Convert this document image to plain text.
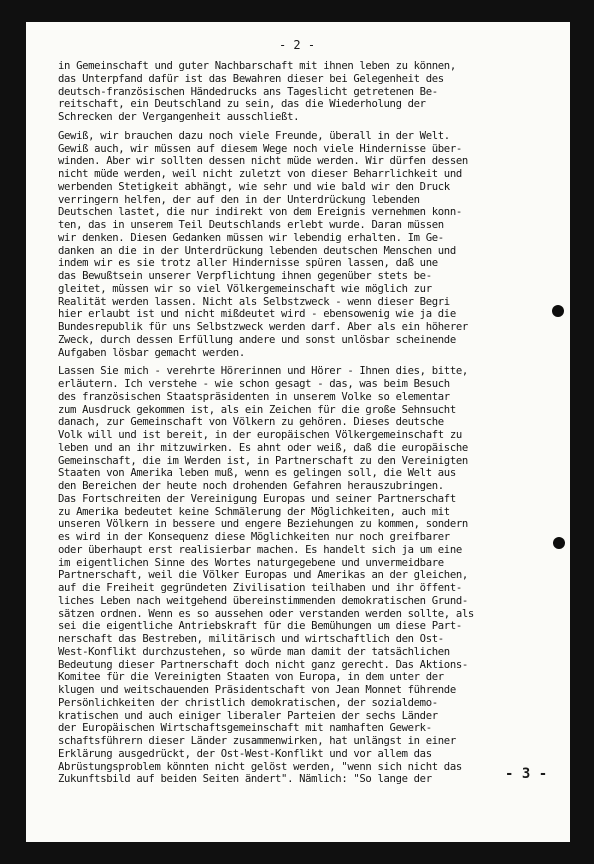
- 2 -
in Gemeinschaft und guter Nachbarschaft mit ihnen leben zu können,
das Unterpfand dafür ist das Bewahren dieser bei Gelegenheit des
deutsch-französischen Händedrucks ans Tageslicht getretenen Be-
reitschaft, ein Deutschland zu sein, das die Wiederholung der
Schrecken der Vergangenheit ausschließt.
Gewiß, wir brauchen dazu noch viele Freunde, überall in der Welt.
Gewiß auch, wir müssen auf diesem Wege noch viele Hindernisse über-
winden. Aber wir sollten dessen nicht müde werden. Wir dürfen dessen
nicht müde werden, weil nicht zuletzt von dieser Beharrlichkeit und
werbenden Stetigkeit abhängt, wie sehr und wie bald wir den Druck
verringern helfen, der auf den in der Unterdrückung lebenden
Deutschen lastet, die nur indirekt von dem Ereignis vernehmen konn-
ten, das in unserem Teil Deutschlands erlebt wurde. Daran müssen
wir denken. Diesen Gedanken müssen wir lebendig erhalten. Im Ge-
danken an die in der Unterdrückung lebenden deutschen Menschen und
indem wir es sie trotz aller Hindernisse spüren lassen, daß une
das Bewußtsein unserer Verpflichtung ihnen gegenüber stets be-
gleitet, müssen wir so viel Völkergemeinschaft wie möglich zur
Realität werden lassen. Nicht als Selbstzweck - wenn dieser Begri
hier erlaubt ist und nicht mißdeutet wird - ebensowenig wie ja die
Bundesrepublik für uns Selbstzweck werden darf. Aber als ein höherer
Zweck, durch dessen Erfüllung andere und sonst unlösbar scheinende
Aufgaben lösbar gemacht werden.
Lassen Sie mich - verehrte Hörerinnen und Hörer - Ihnen dies, bitte,
erläutern. Ich verstehe - wie schon gesagt - das, was beim Besuch
des französischen Staatspräsidenten in unserem Volke so elementar
zum Ausdruck gekommen ist, als ein Zeichen für die große Sehnsucht
danach, zur Gemeinschaft von Völkern zu gehören. Dieses deutsche
Volk will und ist bereit, in der europäischen Völkergemeinschaft zu
leben und an ihr mitzuwirken. Es ahnt oder weiß, daß die europäische
Gemeinschaft, die im Werden ist, in Partnerschaft zu den Vereinigten
Staaten von Amerika leben muß, wenn es gelingen soll, die Welt aus
den Bereichen der heute noch drohenden Gefahren herauszubringen.
Das Fortschreiten der Vereinigung Europas und seiner Partnerschaft
zu Amerika bedeutet keine Schmälerung der Möglichkeiten, auch mit
unseren Völkern in bessere und engere Beziehungen zu kommen, sondern
es wird in der Konsequenz diese Möglichkeiten nur noch greifbarer
oder überhaupt erst realisierbar machen. Es handelt sich ja um eine
im eigentlichen Sinne des Wortes naturgegebene und unvermeidbare
Partnerschaft, weil die Völker Europas und Amerikas an der gleichen,
auf die Freiheit gegründeten Zivilisation teilhaben und ihr öffent-
liches Leben nach weitgehend übereinstimmenden demokratischen Grund-
sätzen ordnen. Wenn es so aussehen oder verstanden werden sollte, als
sei die eigentliche Antriebskraft für die Bemühungen um diese Part-
nerschaft das Bestreben, militärisch und wirtschaftlich den Ost-
West-Konflikt durchzustehen, so würde man damit der tatsächlichen
Bedeutung dieser Partnerschaft doch nicht ganz gerecht. Das Aktions-
Komitee für die Vereinigten Staaten von Europa, in dem unter der
klugen und weitschauenden Präsidentschaft von Jean Monnet führende
Persönlichkeiten der christlich demokratischen, der sozialdemo-
kratischen und auch einiger liberaler Parteien der sechs Länder
der Europäischen Wirtschaftsgemeinschaft mit namhaften Gewerk-
schaftsführern dieser Länder zusammenwirken, hat unlängst in einer
Erklärung ausgedrückt, der Ost-West-Konflikt und vor allem das
Abrüstungsproblem könnten nicht gelöst werden, "wenn sich nicht das
Zukunftsbild auf beiden Seiten ändert". Nämlich: "So lange der	- 3 -
